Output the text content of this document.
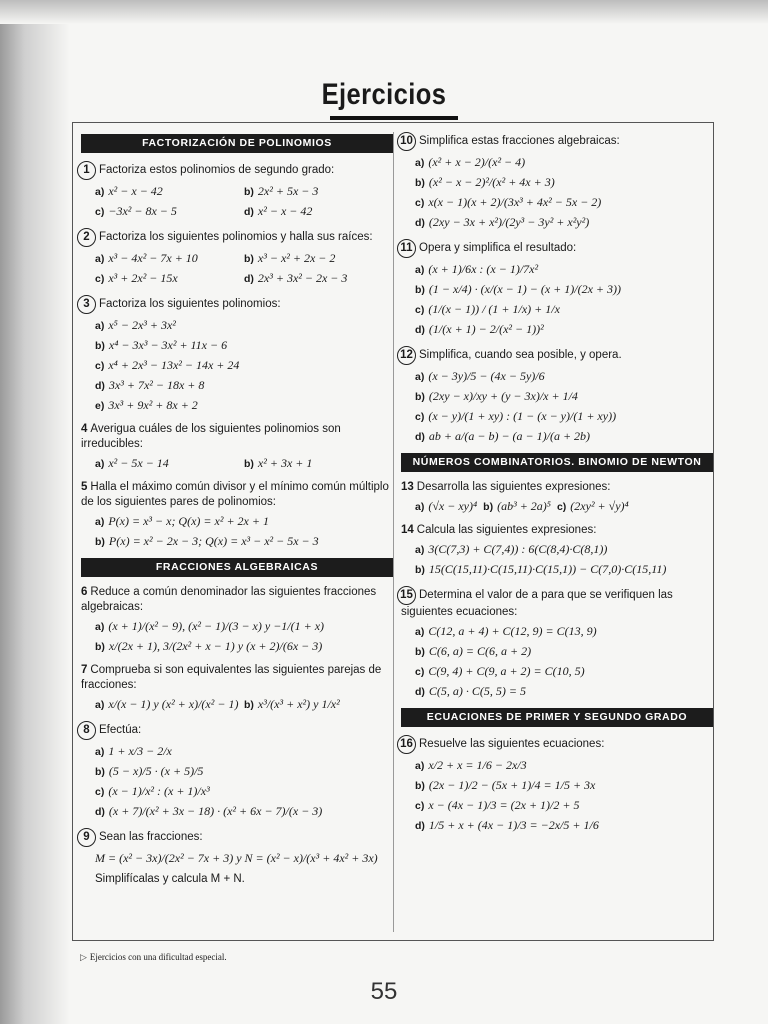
Ejercicios
FACTORIZACIÓN DE POLINOMIOS
1 Factoriza estos polinomios de segundo grado:
a) x² − x − 42	b) 2x² + 5x − 3
c) −3x² − 8x − 5	d) x² − x − 42
2 Factoriza los siguientes polinomios y halla sus raíces:
a) x³ − 4x² − 7x + 10	b) x³ − x² + 2x − 2
c) x³ + 2x² − 15x	d) 2x³ + 3x² − 2x − 3
3 Factoriza los siguientes polinomios:
a) x⁵ − 2x³ + 3x²
b) x⁴ − 3x³ − 3x² + 11x − 6
c) x⁴ + 2x³ − 13x² − 14x + 24
d) 3x³ + 7x² − 18x + 8
e) 3x³ + 9x² + 8x + 2
4 Averigua cuáles de los siguientes polinomios son irreducibles:
a) x² − 5x − 14	b) x² + 3x + 1
5 Halla el máximo común divisor y el mínimo común múltiplo de los siguientes pares de polinomios:
a) P(x) = x³ − x; Q(x) = x² + 2x + 1
b) P(x) = x² − 2x − 3; Q(x) = x³ − x² − 5x − 3
FRACCIONES ALGEBRAICAS
6 Reduce a común denominador las siguientes fracciones algebraicas:
a) (x + 1)/(x² − 9), (x² − 1)/(3 − x) y −1/(1 + x)
b) x/(2x + 1), 3/(2x² + x − 1) y (x + 2)/(6x − 3)
7 Comprueba si son equivalentes las siguientes parejas de fracciones:
a) x/(x − 1) y (x² + x)/(x² − 1) b) x³/(x³ + x²) y 1/x²
8 Efectúa:
a) 1 + x/3 − 2/x
b) (5 − x)/5 · (x + 5)/5
c) (x − 1)/x² : (x + 1)/x³
d) (x + 7)/(x² + 3x − 18) · (x² + 6x − 7)/(x − 3)
9 Sean las fracciones:
M = (x² − 3x)/(2x² − 7x + 3) y N = (x² − x)/(x³ + 4x² + 3x)
Simplifícalas y calcula M + N.
10 Simplifica estas fracciones algebraicas:
a) (x² + x − 2)/(x² − 4)
b) (x² − x − 2)²/(x² + 4x + 3)
c) x(x − 1)(x + 2)/(3x³ + 4x² − 5x − 2)
d) (2xy − 3x + x²)/(2y³ − 3y² + x²y²)
11 Opera y simplifica el resultado:
a) (x + 1)/6x : (x − 1)/7x²
b) (1 − x/4) · (x/(x − 1) − (x + 1)/(2x + 3))
c) (1/(x − 1)) / (1 + 1/x) + 1/x
d) (1/(x + 1) − 2/(x² − 1))²
12 Simplifica, cuando sea posible, y opera.
a) (x − 3y)/5 − (4x − 5y)/6
b) (2xy − x)/xy + (y − 3x)/x + 1/4
c) (x − y)/(1 + xy) : (1 − (x − y)/(1 + xy))
d) ab + a/(a − b) − (a − 1)/(a + 2b)
NÚMEROS COMBINATORIOS. BINOMIO DE NEWTON
13 Desarrolla las siguientes expresiones:
a) (√x − xy)⁴ b) (ab³ + 2a)⁵ c) (2xy² + √y)⁴
14 Calcula las siguientes expresiones:
a) 3(C(7,3) + C(7,4)) : 6(C(8,4)·C(8,1))
b) 15(C(15,11)·C(15,11)·C(15,1)) − C(7,0)·C(15,11)
15 Determina el valor de a para que se verifiquen las siguientes ecuaciones:
a) C(12, a + 4) + C(12, 9) = C(13, 9)
b) C(6, a) = C(6, a + 2)
c) C(9, 4) + C(9, a + 2) = C(10, 5)
d) C(5, a) · C(5, 5) = 5
ECUACIONES DE PRIMER Y SEGUNDO GRADO
16 Resuelve las siguientes ecuaciones:
a) x/2 + x = 1/6 − 2x/3
b) (2x − 1)/2 − (5x + 1)/4 = 1/5 + 3x
c) x − (4x − 1)/3 = (2x + 1)/2 + 5
d) 1/5 + x + (4x − 1)/3 = −2x/5 + 1/6
▷ Ejercicios con una dificultad especial.
55
